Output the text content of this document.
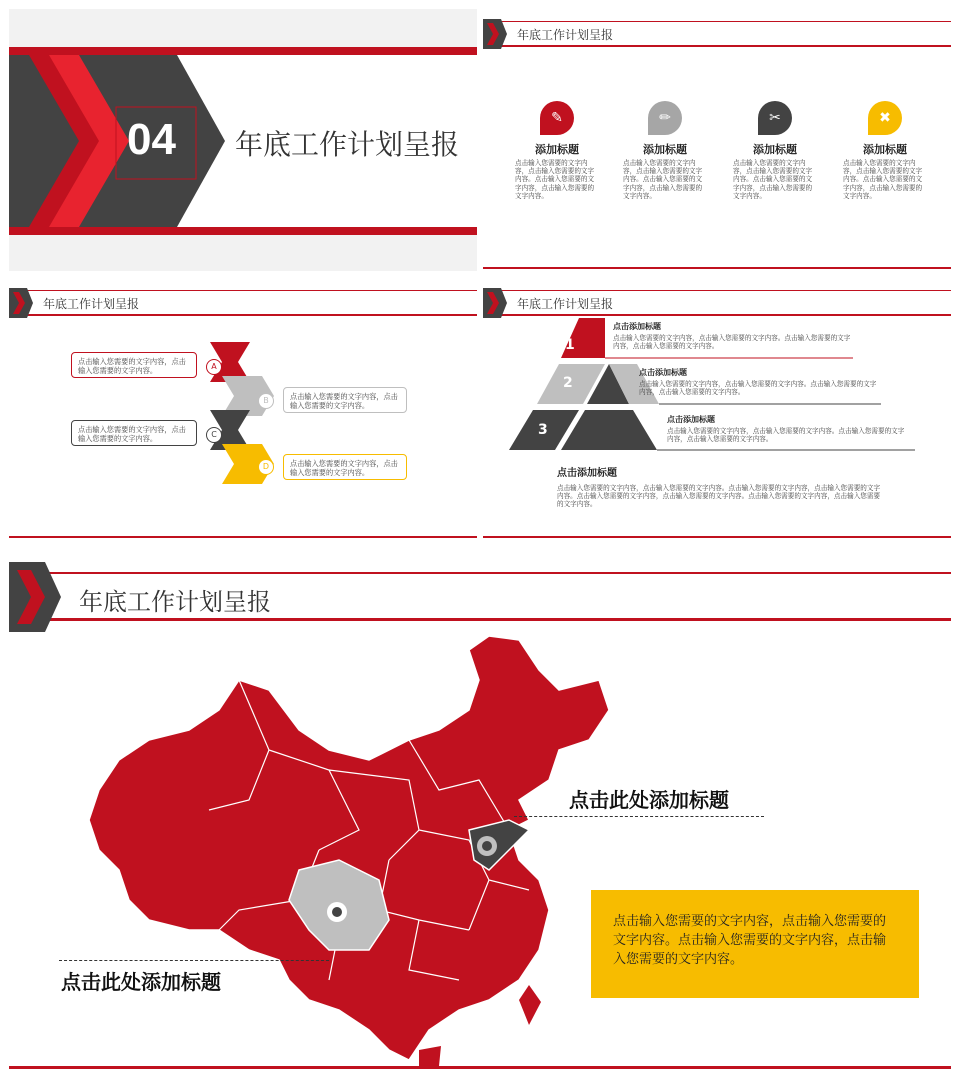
04 年底工作计划呈报
年底工作计划呈报
✎
添加标题
点击输入您需要的文字内容，点击输入您需要的文字内容。点击输入您需要的文字内容，点击输入您需要的文字内容。
✏
添加标题
点击输入您需要的文字内容，点击输入您需要的文字内容。点击输入您需要的文字内容，点击输入您需要的文字内容。
✂
添加标题
点击输入您需要的文字内容，点击输入您需要的文字内容。点击输入您需要的文字内容，点击输入您需要的文字内容。
✖
添加标题
点击输入您需要的文字内容，点击输入您需要的文字内容。点击输入您需要的文字内容，点击输入您需要的文字内容。
年底工作计划呈报
A
B
C
D
点击输入您需要的文字内容，点击输入您需要的文字内容。
点击输入您需要的文字内容，点击输入您需要的文字内容。
点击输入您需要的文字内容，点击输入您需要的文字内容。
点击输入您需要的文字内容，点击输入您需要的文字内容。
年底工作计划呈报
1
2
3
点击添加标题
点击输入您需要的文字内容，点击输入您需要的文字内容。点击输入您需要的文字内容，点击输入您需要的文字内容。
点击添加标题
点击输入您需要的文字内容，点击输入您需要的文字内容。点击输入您需要的文字内容，点击输入您需要的文字内容。
点击添加标题
点击输入您需要的文字内容，点击输入您需要的文字内容。点击输入您需要的文字内容，点击输入您需要的文字内容。
点击添加标题
点击输入您需要的文字内容，点击输入您需要的文字内容。点击输入您需要的文字内容，点击输入您需要的文字内容。点击输入您需要的文字内容，点击输入您需要的文字内容。点击输入您需要的文字内容，点击输入您需要的文字内容。
年底工作计划呈报
点击此处添加标题
点击此处添加标题
点击输入您需要的文字内容，点击输入您需要的文字内容。点击输入您需要的文字内容，点击输入您需要的文字内容。
